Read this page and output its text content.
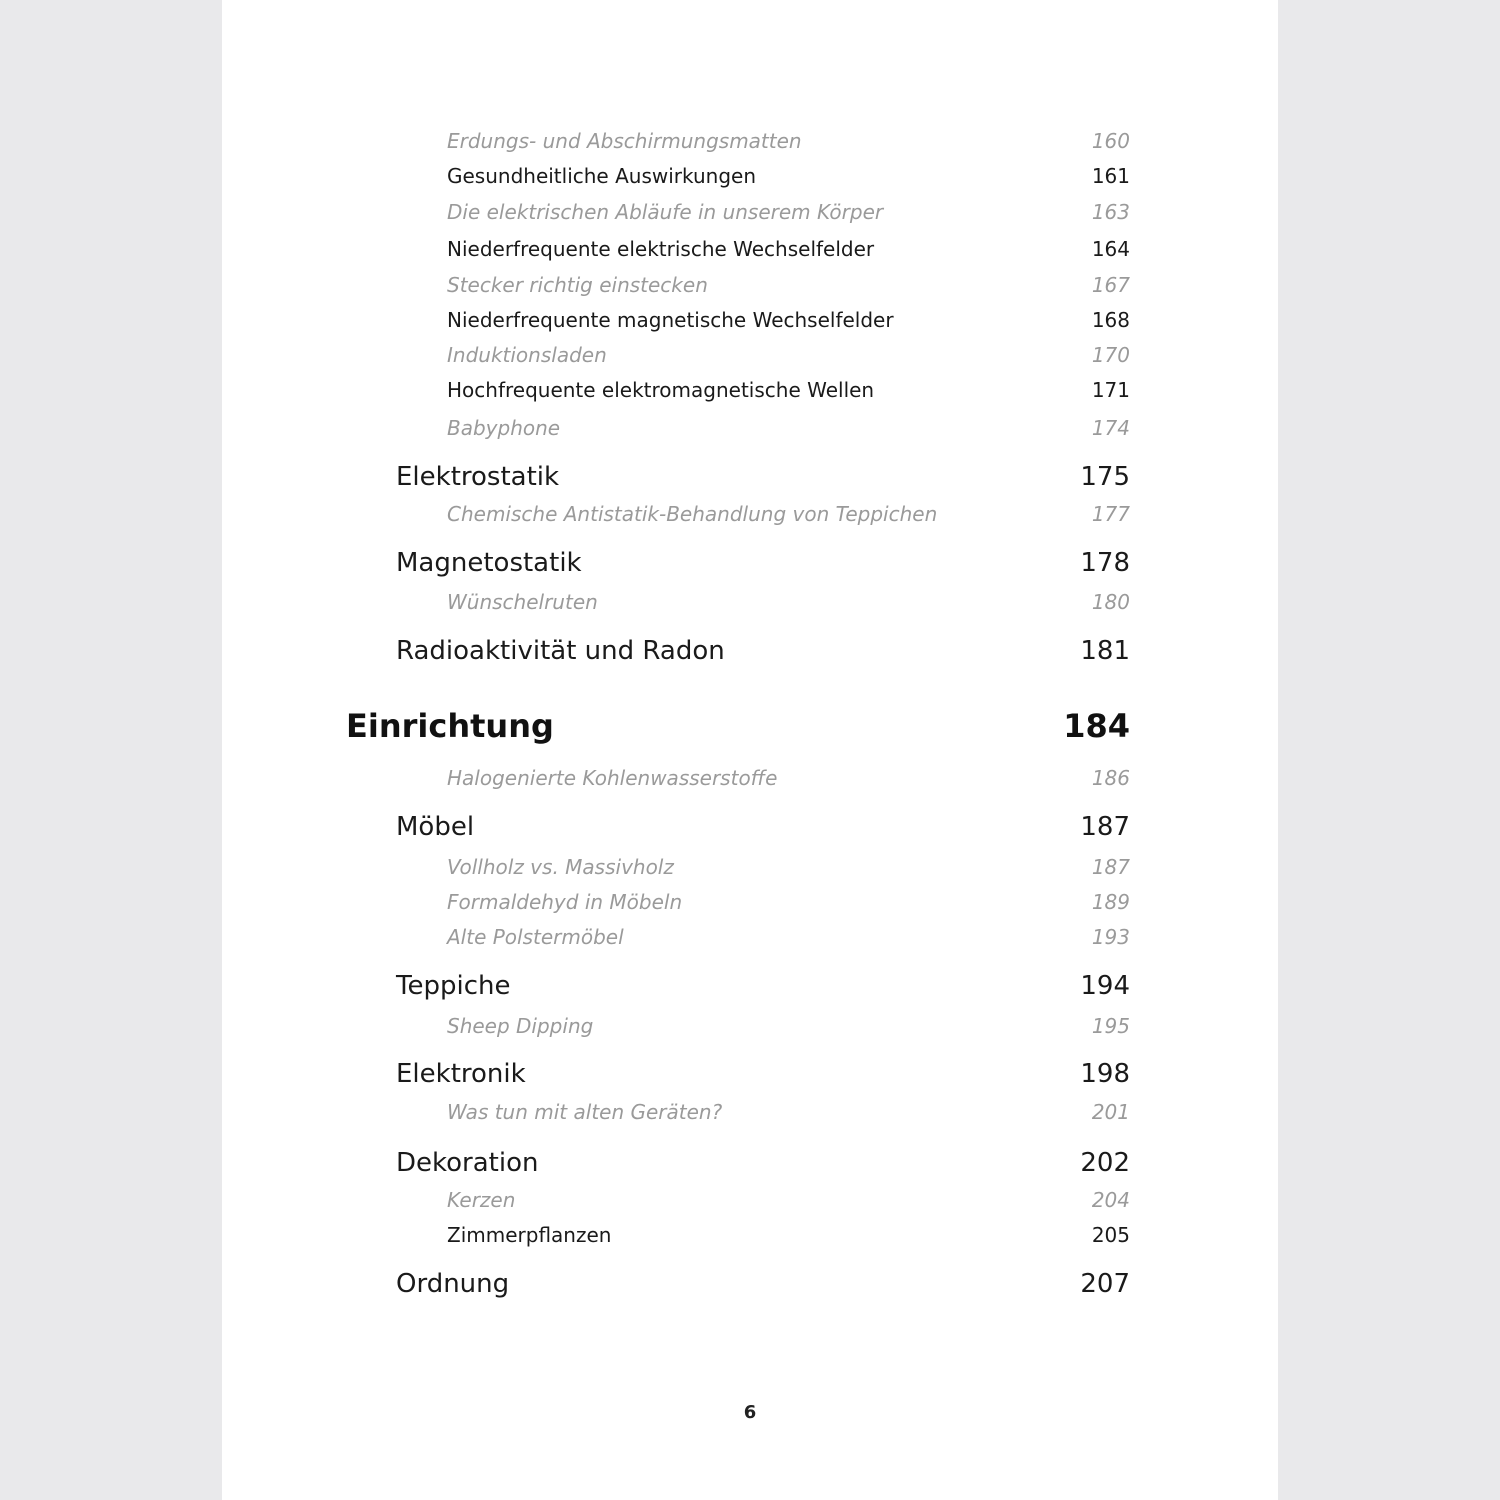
Erdungs- und Abschirmungsmatten	160
Gesundheitliche Auswirkungen	161
Die elektrischen Abläufe in unserem Körper	163
Niederfrequente elektrische Wechselfelder	164
Stecker richtig einstecken	167
Niederfrequente magnetische Wechselfelder	168
Induktionsladen	170
Hochfrequente elektromagnetische Wellen	171
Babyphone	174
Elektrostatik	175
Chemische Antistatik-Behandlung von Teppichen	177
Magnetostatik	178
Wünschelruten	180
Radioaktivität und Radon	181
Einrichtung	184
Halogenierte Kohlenwasserstoffe	186
Möbel	187
Vollholz vs. Massivholz	187
Formaldehyd in Möbeln	189
Alte Polstermöbel	193
Teppiche	194
Sheep Dipping	195
Elektronik	198
Was tun mit alten Geräten?	201
Dekoration	202
Kerzen	204
Zimmerpflanzen	205
Ordnung	207
6
